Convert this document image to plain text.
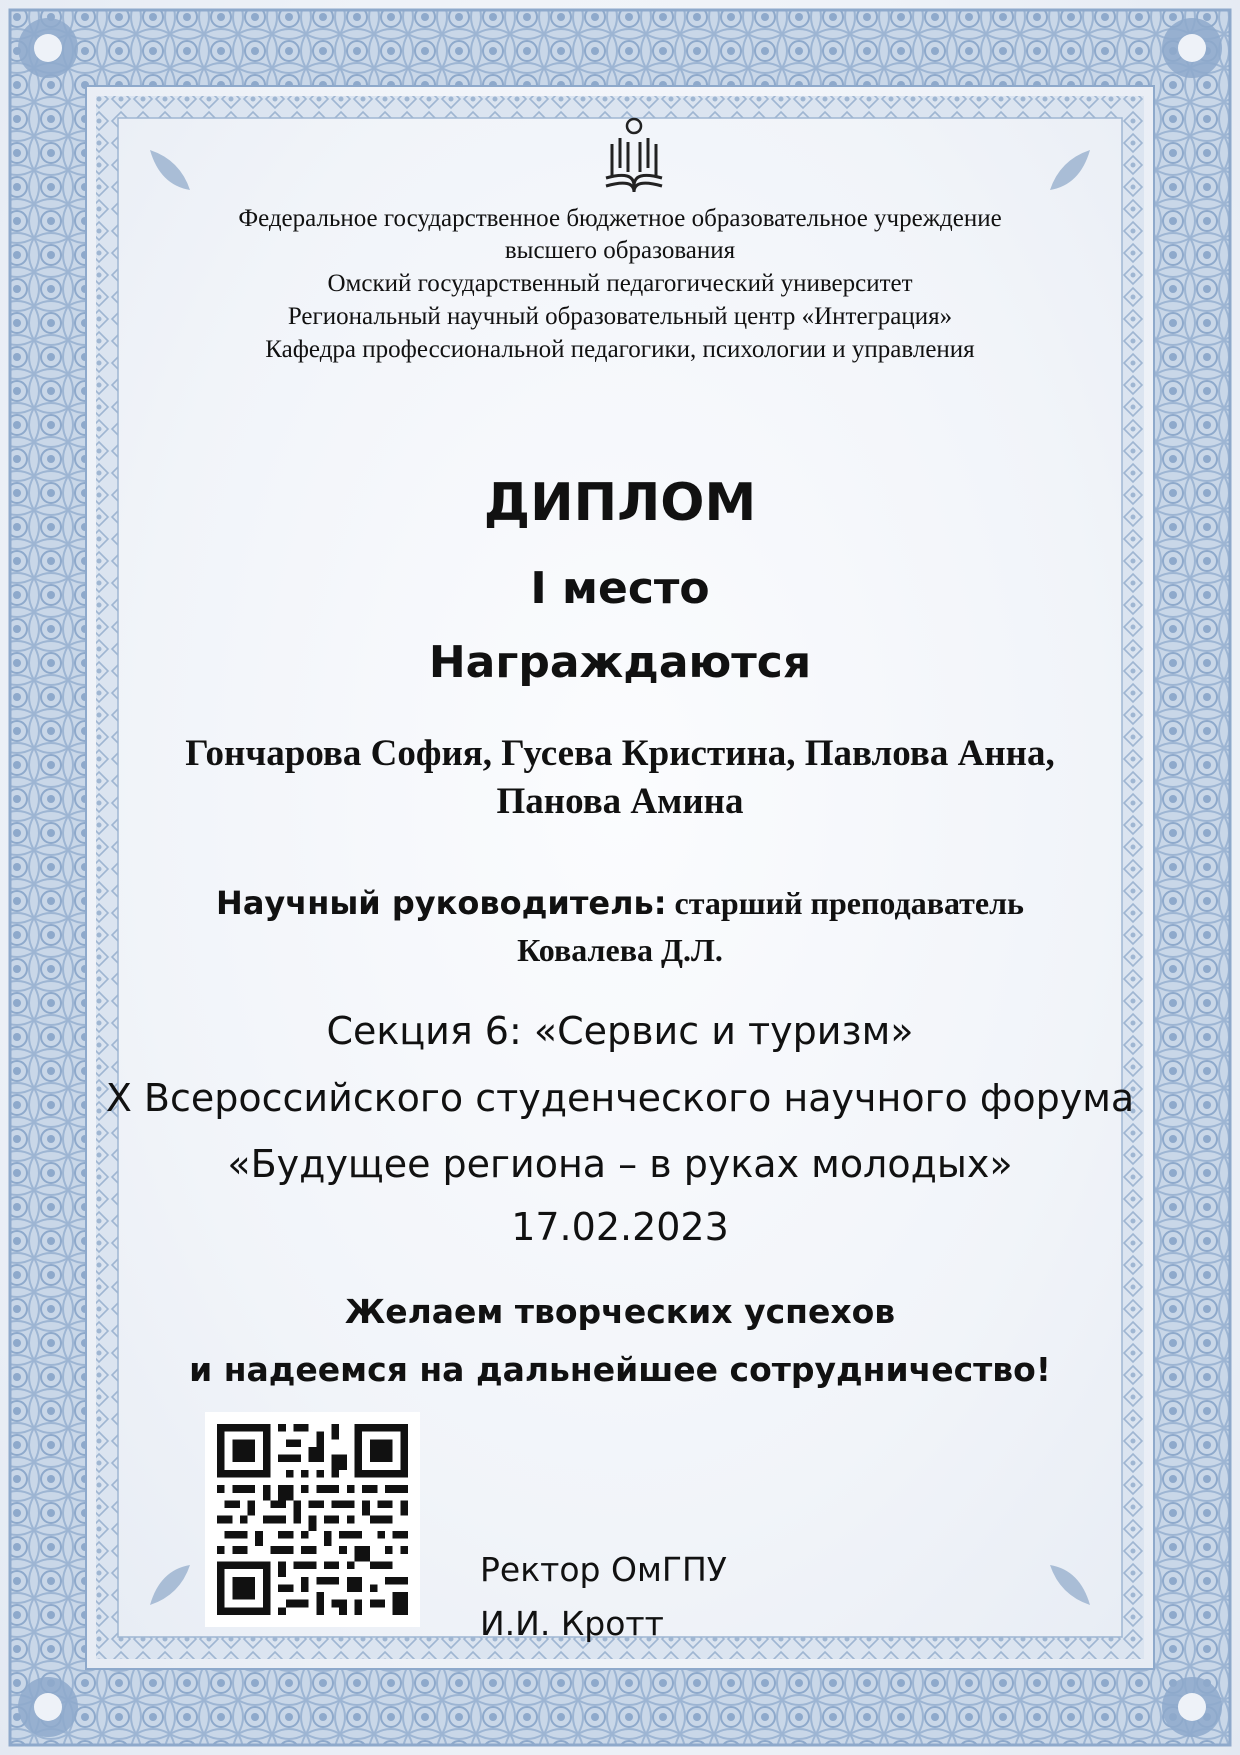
Федеральное государственное бюджетное образовательное учреждение
высшего образования
Омский государственный педагогический университет
Региональный научный образовательный центр «Интеграция»
Кафедра профессиональной педагогики, психологии и управления
ДИПЛОМ
I место
Награждаются
Гончарова София, Гусева Кристина, Павлова Анна,
Панова Амина
Научный руководитель: старший преподаватель
Ковалева Д.Л.
Секция 6: «Сервис и туризм»
X Всероссийского студенческого научного форума
«Будущее региона – в руках молодых»
17.02.2023
Желаем творческих успехов
и надеемся на дальнейшее сотрудничество!
Ректор ОмГПУ
И.И. Кротт
